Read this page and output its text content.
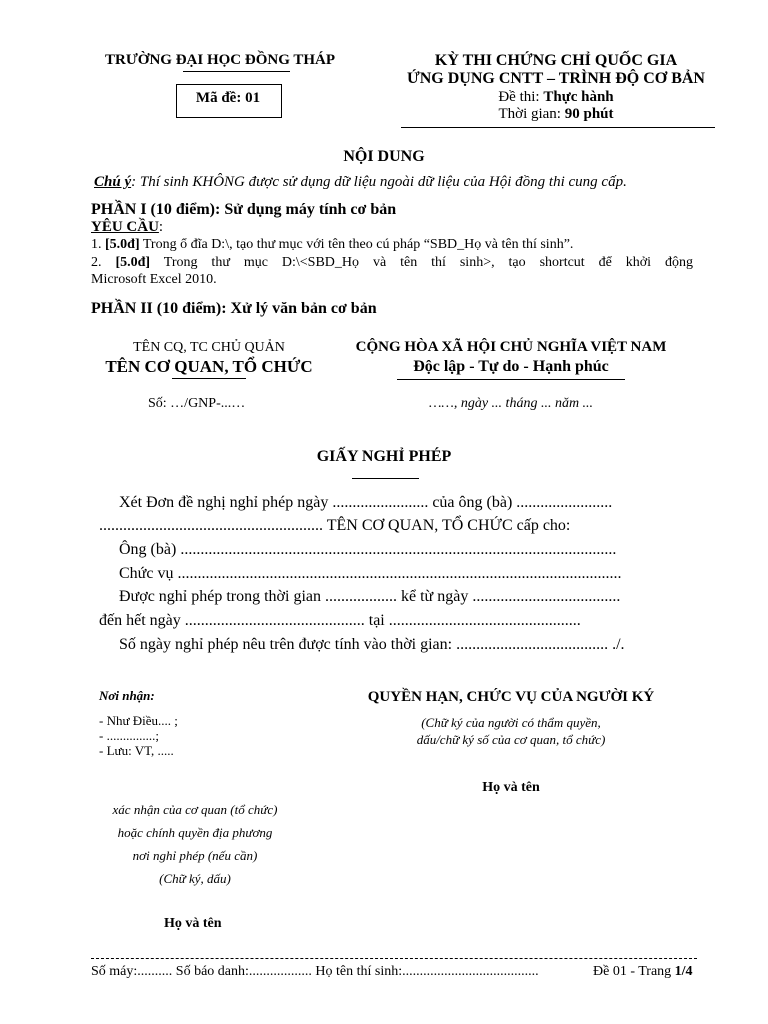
TRƯỜNG ĐẠI HỌC ĐỒNG THÁP
Mã đề: 01
KỲ THI CHỨNG CHỈ QUỐC GIA
ỨNG DỤNG CNTT – TRÌNH ĐỘ CƠ BẢN
Đề thi: Thực hành
Thời gian: 90 phút
NỘI DUNG
Chú ý: Thí sinh KHÔNG được sử dụng dữ liệu ngoài dữ liệu của Hội đồng thi cung cấp.
PHẦN I (10 điểm): Sử dụng máy tính cơ bản
YÊU CẦU:
1. [5.0đ] Trong ổ đĩa D:\, tạo thư mục với tên theo cú pháp “SBD_Họ và tên thí sinh”.
2. [5.0đ] Trong thư mục D:\<SBD_Họ và tên thí sinh>, tạo shortcut để khởi động
Microsoft Excel 2010.
PHẦN II (10 điểm): Xử lý văn bản cơ bản
TÊN CQ, TC CHỦ QUẢN
TÊN CƠ QUAN, TỔ CHỨC
CỘNG HÒA XÃ HỘI CHỦ NGHĨA VIỆT NAM
Độc lập - Tự do - Hạnh phúc
Số: …/GNP-...…	……, ngày ... tháng ... năm ...
GIẤY NGHỈ PHÉP
Xét Đơn đề nghị nghỉ phép ngày ........................ của ông (bà) ........................
........................................................ TÊN CƠ QUAN, TỔ CHỨC cấp cho:
Ông (bà) .............................................................................................................
Chức vụ ...............................................................................................................
Được nghỉ phép trong thời gian .................. kể từ ngày .....................................
đến hết ngày ............................................. tại ................................................
Số ngày nghỉ phép nêu trên được tính vào thời gian: ...................................... ./.
Nơi nhận:
- Như Điều.... ;
- ...............;
- Lưu: VT, .....
QUYỀN HẠN, CHỨC VỤ CỦA NGƯỜI KÝ
(Chữ ký của người có thẩm quyền,
dấu/chữ ký số của cơ quan, tổ chức)
Họ và tên
xác nhận của cơ quan (tổ chức)
hoặc chính quyền địa phương
nơi nghỉ phép (nếu cần)
(Chữ ký, dấu)
Họ và tên
Số máy:.......... Số báo danh:.................. Họ tên thí sinh:.......................................	Đề 01 - Trang 1/4
